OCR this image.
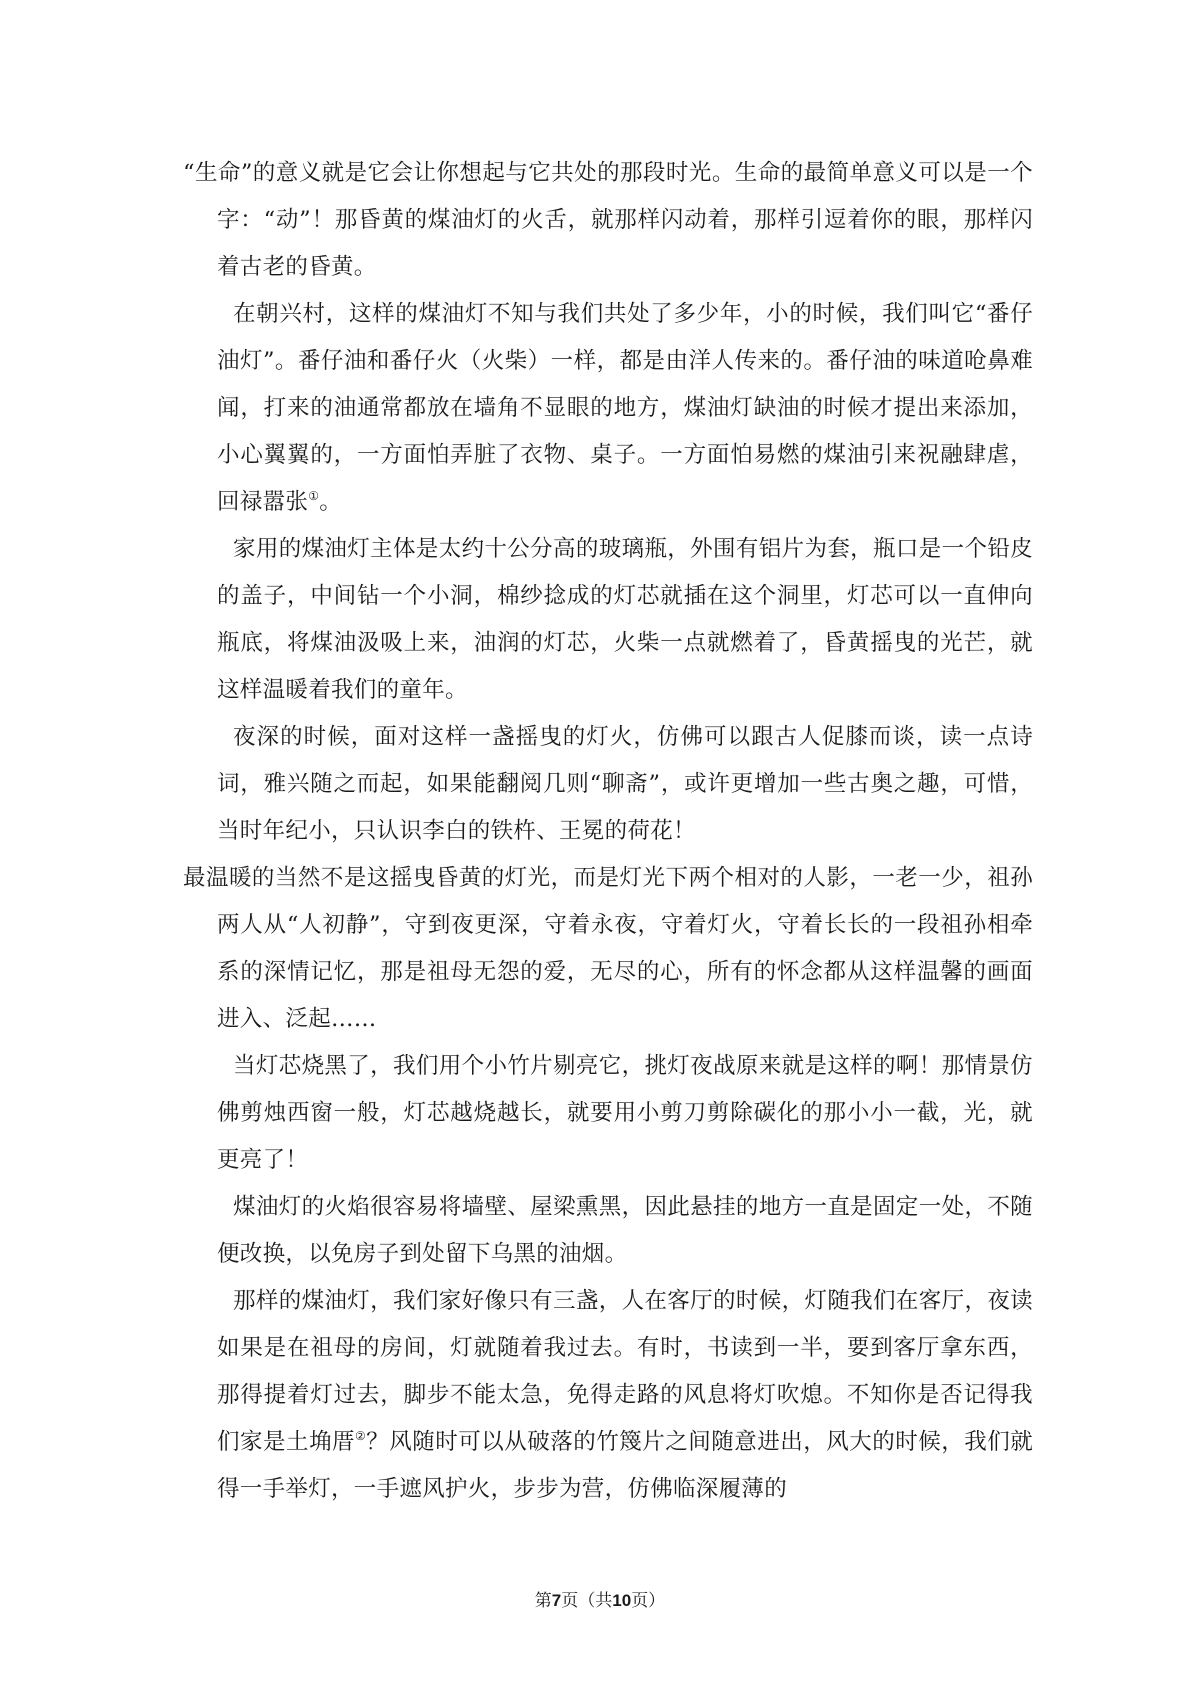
“生命”的意义就是它会让你想起与它共处的那段时光。生命的最简单意义可以是一个字：“动”！那昏黄的煤油灯的火舌，就那样闪动着，那样引逗着你的眼，那样闪着古老的昏黄。

在朝兴村，这样的煤油灯不知与我们共处了多少年，小的时候，我们叫它“番仔油灯”。番仔油和番仔火（火柴）一样，都是由洋人传来的。番仔油的味道呛鼻难闻，打来的油通常都放在墙角不显眼的地方，煤油灯缺油的时候才提出来添加，小心翼翼的，一方面怕弄脏了衣物、桌子。一方面怕易燃的煤油引来祝融肆虐，回禄嚣张①。

家用的煤油灯主体是太约十公分高的玻璃瓶，外围有铝片为套，瓶口是一个铅皮的盖子，中间钻一个小洞，棉纱捻成的灯芯就插在这个洞里，灯芯可以一直伸向瓶底，将煤油汲吸上来，油润的灯芯，火柴一点就燃着了，昏黄摇曳的光芒，就这样温暖着我们的童年。

夜深的时候，面对这样一盏摇曳的灯火，仿佛可以跟古人促膝而谈，读一点诗词，雅兴随之而起，如果能翻阅几则“聊斋”，或许更增加一些古奥之趣，可惜，当时年纪小，只认识李白的铁杵、王冕的荷花！

最温暖的当然不是这摇曳昏黄的灯光，而是灯光下两个相对的人影，一老一少，祖孙两人从“人初静”，守到夜更深，守着永夜，守着灯火，守着长长的一段祖孙相牵系的深情记忆，那是祖母无怨的爱，无尽的心，所有的怀念都从这样温馨的画面进入、泛起……

当灯芯烧黑了，我们用个小竹片剔亮它，挑灯夜战原来就是这样的啊！那情景仿佛剪烛西窗一般，灯芯越烧越长，就要用小剪刀剪除碳化的那小小一截，光，就更亮了！

煤油灯的火焰很容易将墙壁、屋梁熏黑，因此悬挂的地方一直是固定一处，不随便改换，以免房子到处留下乌黑的油烟。

那样的煤油灯，我们家好像只有三盏，人在客厅的时候，灯随我们在客厅，夜读如果是在祖母的房间，灯就随着我过去。有时，书读到一半，要到客厅拿东西，那得提着灯过去，脚步不能太急，免得走路的风息将灯吹熄。不知你是否记得我们家是土埆厝②？风随时可以从破落的竹篾片之间随意进出，风大的时候，我们就得一手举灯，一手遮风护火，步步为营，仿佛临深履薄的

第7页（共10页）
